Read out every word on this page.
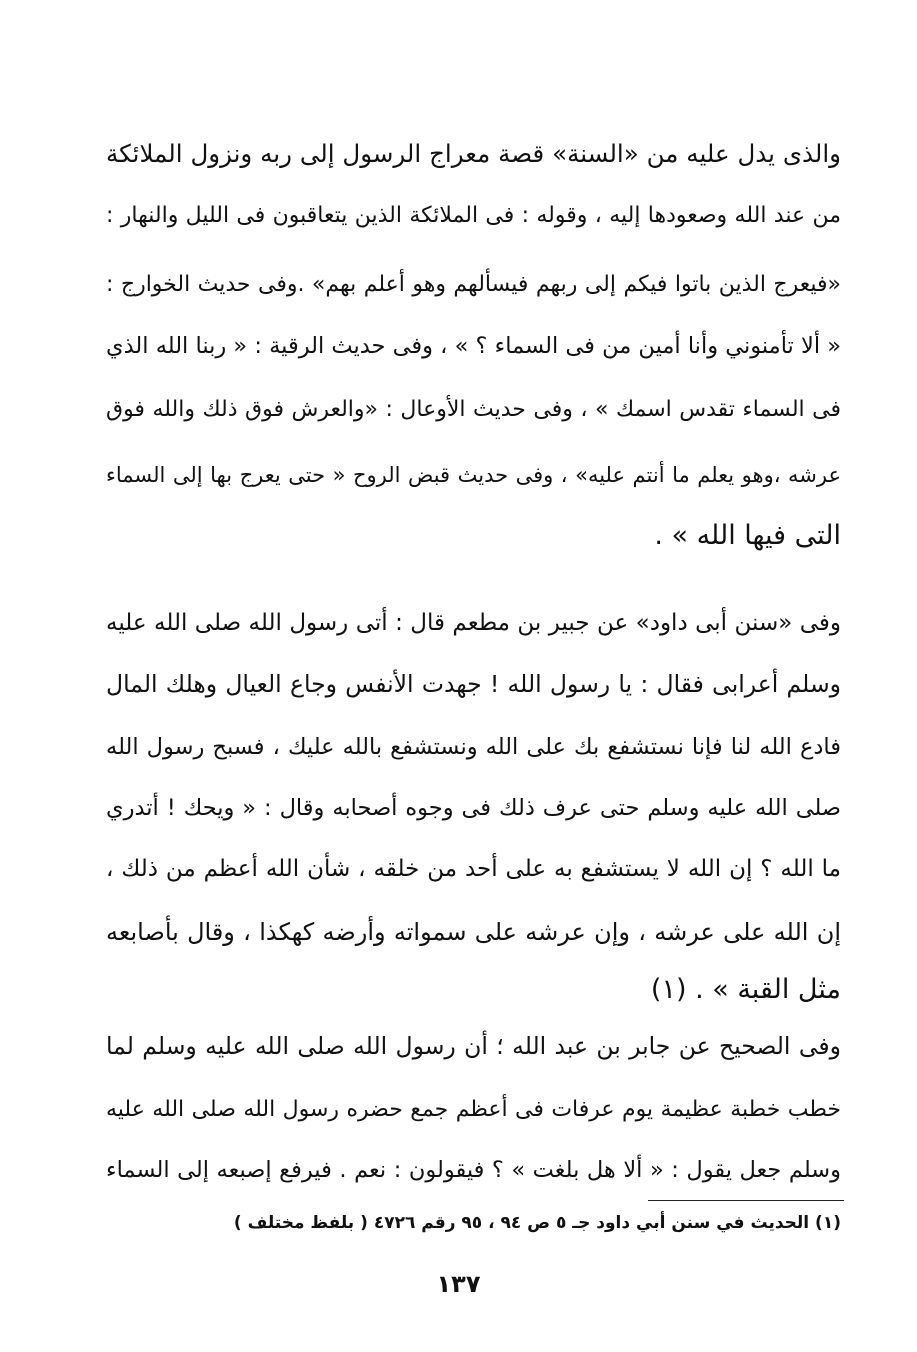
والذى يدل عليه من «السنة» قصة معراج الرسول إلى ربه ونزول الملائكة
من عند الله وصعودها إليه ، وقوله : فى الملائكة الذين يتعاقبون فى الليل والنهار :
«فيعرج الذين باتوا فيكم إلى ربهم فيسألهم وهو أعلم بهم» .وفى حديث الخوارج :
« ألا تأمنوني وأنا أمين من فى السماء ؟ » ، وفى حديث الرقية : « ربنا الله الذي
فى السماء تقدس اسمك » ، وفى حديث الأوعال : «والعرش فوق ذلك والله فوق
عرشه ،وهو يعلم ما أنتم عليه» ، وفى حديث قبض الروح « حتى يعرج بها إلى السماء
التى فيها الله » .
وفى «سنن أبى داود» عن جبير بن مطعم قال : أتى رسول الله صلى الله عليه
وسلم أعرابى فقال : يا رسول الله ! جهدت الأنفس وجاع العيال وهلك المال
فادع الله لنا فإنا نستشفع بك على الله ونستشفع بالله عليك ، فسبح رسول الله
صلى الله عليه وسلم حتى عرف ذلك فى وجوه أصحابه وقال : « ويحك ! أتدري
ما الله ؟ إن الله لا يستشفع به على أحد من خلقه ، شأن الله أعظم من ذلك ،
إن الله على عرشه ، وإن عرشه على سمواته وأرضه كهكذا ، وقال بأصابعه
مثل القبة » . (١)
وفى الصحيح عن جابر بن عبد الله ؛ أن رسول الله صلى الله عليه وسلم لما
خطب خطبة عظيمة يوم عرفات فى أعظم جمع حضره رسول الله صلى الله عليه
وسلم جعل يقول : « ألا هل بلغت » ؟ فيقولون : نعم . فيرفع إصبعه إلى السماء
(١) الحديث في سنن أبي داود جـ ٥ ص ٩٤ ، ٩٥ رقم ٤٧٢٦ ( بلفظ مختلف )
١٣٧
